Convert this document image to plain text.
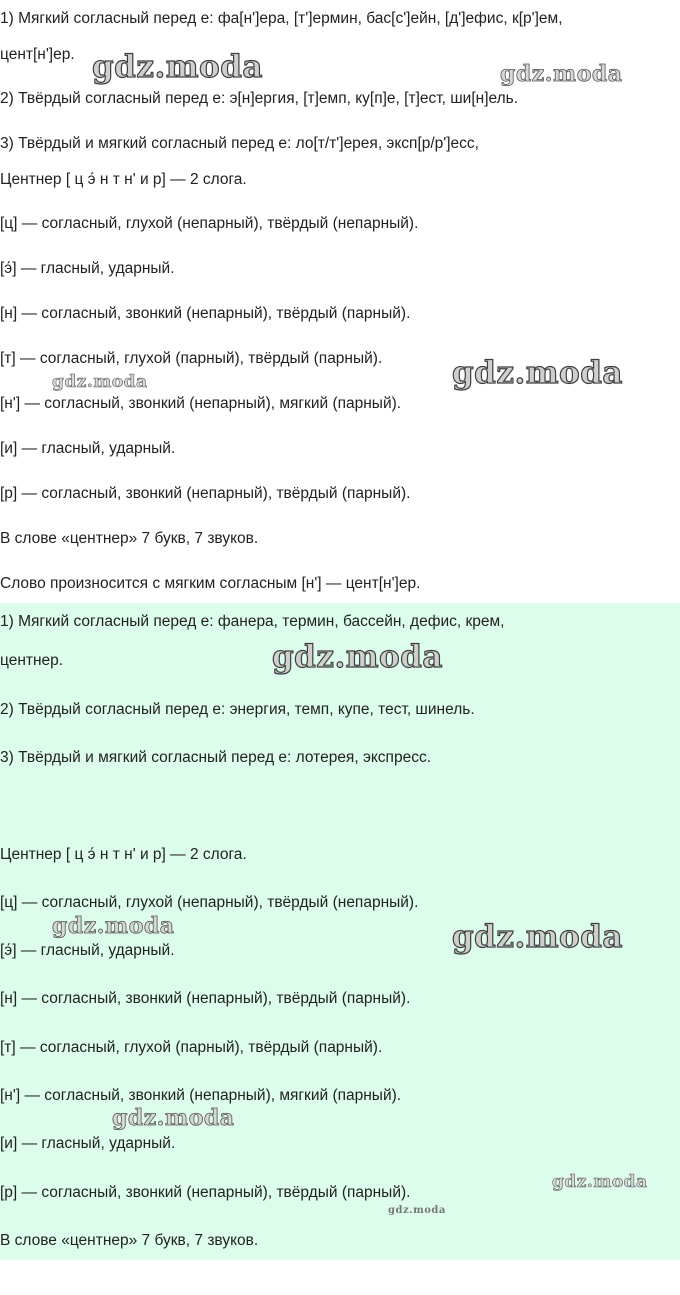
1) Мягкий согласный перед е: фа[н']ера, [т']ермин, бас[с']ейн, [д']ефис, к[р']ем,
цент[н']ер.
2) Твёрдый согласный перед е: э[н]ергия, [т]емп, ку[п]е, [т]ест, ши[н]ель.
3) Твёрдый и мягкий согласный перед е: ло[т/т']ерея, эксп[р/р']есс,
Центнер [ ц э́ н т н' и р] — 2 слога.
[ц] — согласный, глухой (непарный), твёрдый (непарный).
[э́] — гласный, ударный.
[н] — согласный, звонкий (непарный), твёрдый (парный).
[т] — согласный, глухой (парный), твёрдый (парный).
[н'] — согласный, звонкий (непарный), мягкий (парный).
[и] — гласный, ударный.
[р] — согласный, звонкий (непарный), твёрдый (парный).
В слове «центнер» 7 букв, 7 звуков.
Слово произносится с мягким согласным [н'] — цент[н']ер.
1) Мягкий согласный перед е: фанера, термин, бассейн, дефис, крем,
центнер.
2) Твёрдый согласный перед е: энергия, темп, купе, тест, шинель.
3) Твёрдый и мягкий согласный перед е: лотерея, экспресс.
Центнер [ ц э́ н т н' и р] — 2 слога.
[ц] — согласный, глухой (непарный), твёрдый (непарный).
[э́] — гласный, ударный.
[н] — согласный, звонкий (непарный), твёрдый (парный).
[т] — согласный, глухой (парный), твёрдый (парный).
[н'] — согласный, звонкий (непарный), мягкий (парный).
[и] — гласный, ударный.
[р] — согласный, звонкий (непарный), твёрдый (парный).
В слове «центнер» 7 букв, 7 звуков.
gdz.moda	gdz.moda
gdz.moda	gdz.moda
gdz.moda
gdz.moda	gdz.moda
gdz.moda
gdz.moda
gdz.moda
